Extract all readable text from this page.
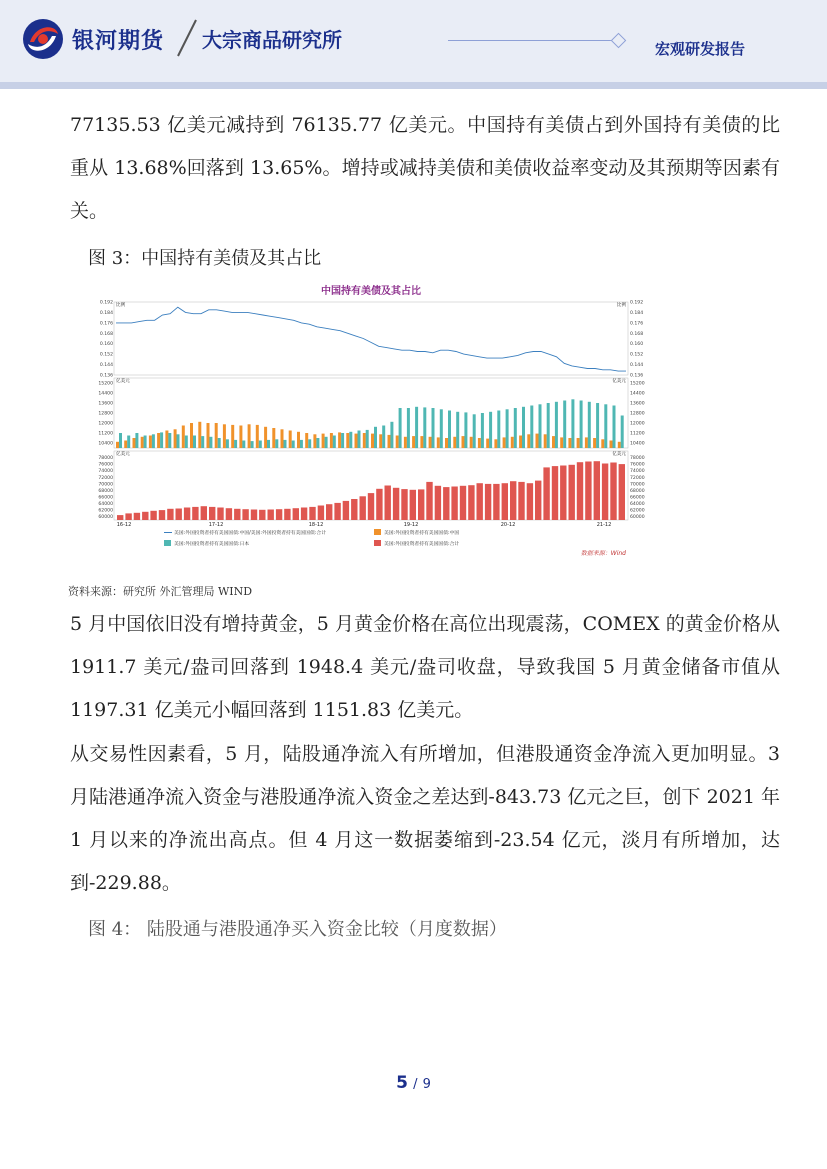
银河期货 大宗商品研究所	宏观研发报告

77135.53 亿美元减持到 76135.77 亿美元。中国持有美债占到外国持有美债的比重从 13.68%回落到 13.65%。增持或减持美债和美债收益率变动及其预期等因素有关。

图 3：中国持有美债及其占比

中国持有美债及其占比
0.192	0.192
0.184	0.184
0.176	0.176
0.168	0.168
0.160	0.160
0.152	0.152
0.144	0.144
0.136	0.136
比例	比例
15200	15200
14400	14400
13600	13600
12800	12800
12000	12000
11200	11200
10400	10400
亿美元	亿美元
78000	78000
76000	76000
74000	74000
72000	72000
70000	70000
68000	68000
66000	66000
64000	64000
62000	62000
60000	60000
亿美元	亿美元
16-12	17-12	18-12	19-12	20-12	21-12
美国:外国投资者持有美国国债:中国/美国:外国投资者持有美国国债:合计	美国:外国投资者持有美国国债:中国
美国:外国投资者持有美国国债:日本	美国:外国投资者持有美国国债:合计
数据来源：Wind

资料来源：研究所 外汇管理局 WIND

5 月中国依旧没有增持黄金，5 月黄金价格在高位出现震荡，COMEX 的黄金价格从 1911.7 美元/盎司回落到 1948.4 美元/盎司收盘，导致我国 5 月黄金储备市值从 1197.31 亿美元小幅回落到 1151.83 亿美元。

从交易性因素看，5 月，陆股通净流入有所增加，但港股通资金净流入更加明显。3 月陆港通净流入资金与港股通净流入资金之差达到-843.73 亿元之巨，创下 2021 年 1 月以来的净流出高点。但 4 月这一数据萎缩到-23.54 亿元，淡月有所增加，达到-229.88。

图 4： 陆股通与港股通净买入资金比较（月度数据）

5 / 9
